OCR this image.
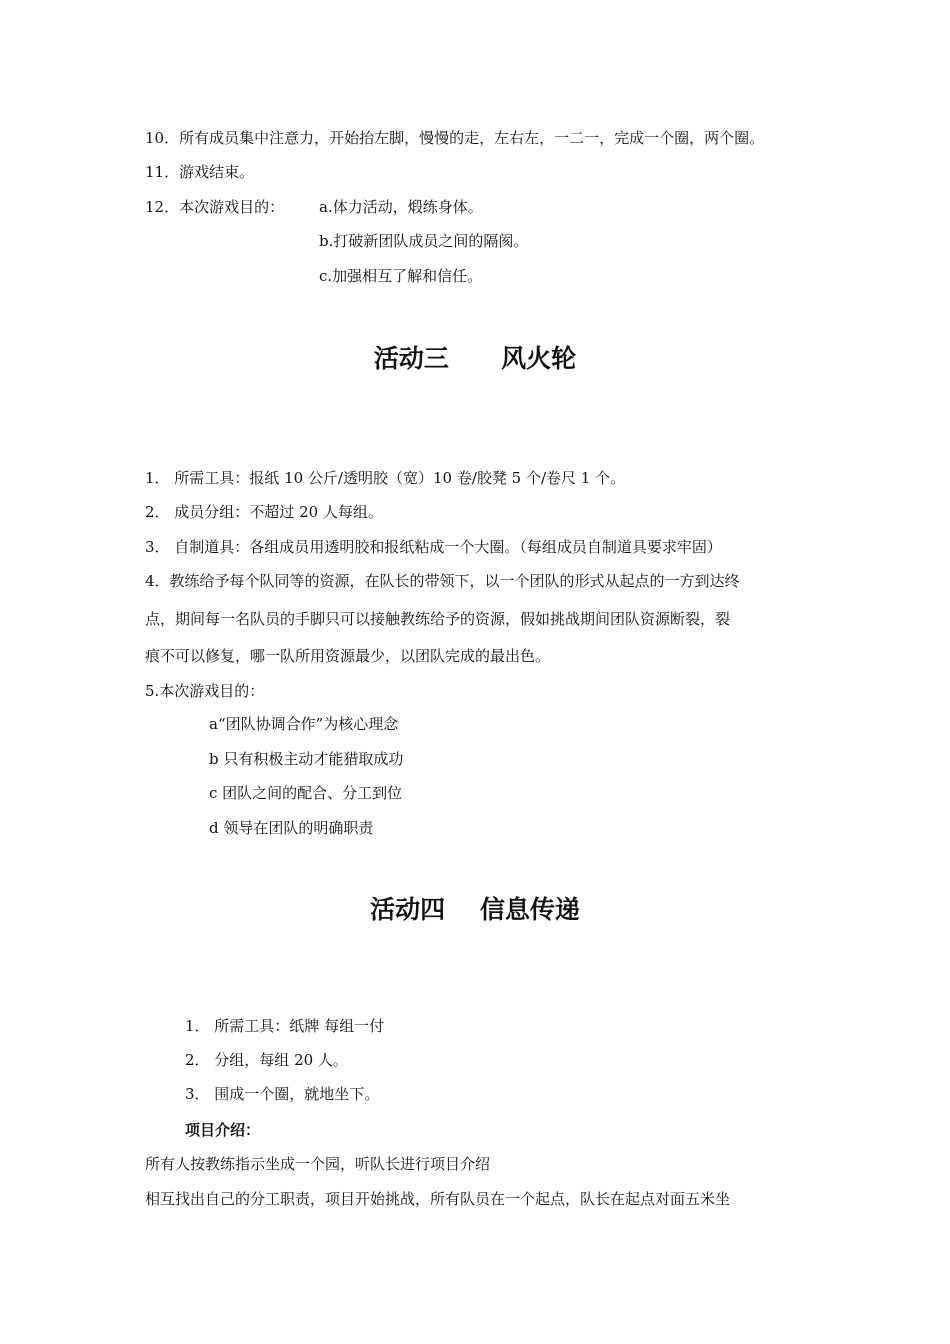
10．所有成员集中注意力，开始抬左脚，慢慢的走，左右左，一二一，完成一个圈，两个圈。
11．游戏结束。
12．本次游戏目的： a.体力活动，煅练身体。
b.打破新团队成员之间的隔阂。
c.加强相互了解和信任。
活动三      风火轮
1． 所需工具：报纸 10 公斤/透明胶（宽）10 卷/胶凳 5 个/卷尺 1 个。
2． 成员分组：不超过 20 人每组。
3． 自制道具：各组成员用透明胶和报纸粘成一个大圈。（每组成员自制道具要求牢固）
4．教练给予每个队同等的资源，在队长的带领下，以一个团队的形式从起点的一方到达终
点，期间每一名队员的手脚只可以接触教练给予的资源，假如挑战期间团队资源断裂，裂
痕不可以修复，哪一队所用资源最少，以团队完成的最出色。
5.本次游戏目的：
a“团队协调合作”为核心理念
b 只有积极主动才能猎取成功
c 团队之间的配合、分工到位
d 领导在团队的明确职责
活动四    信息传递
1． 所需工具：纸牌 每组一付
2． 分组，每组 20 人。
3． 围成一个圈，就地坐下。
项目介绍：
所有人按教练指示坐成一个园，听队长进行项目介绍
相互找出自己的分工职责，项目开始挑战，所有队员在一个起点，队长在起点对面五米坐
